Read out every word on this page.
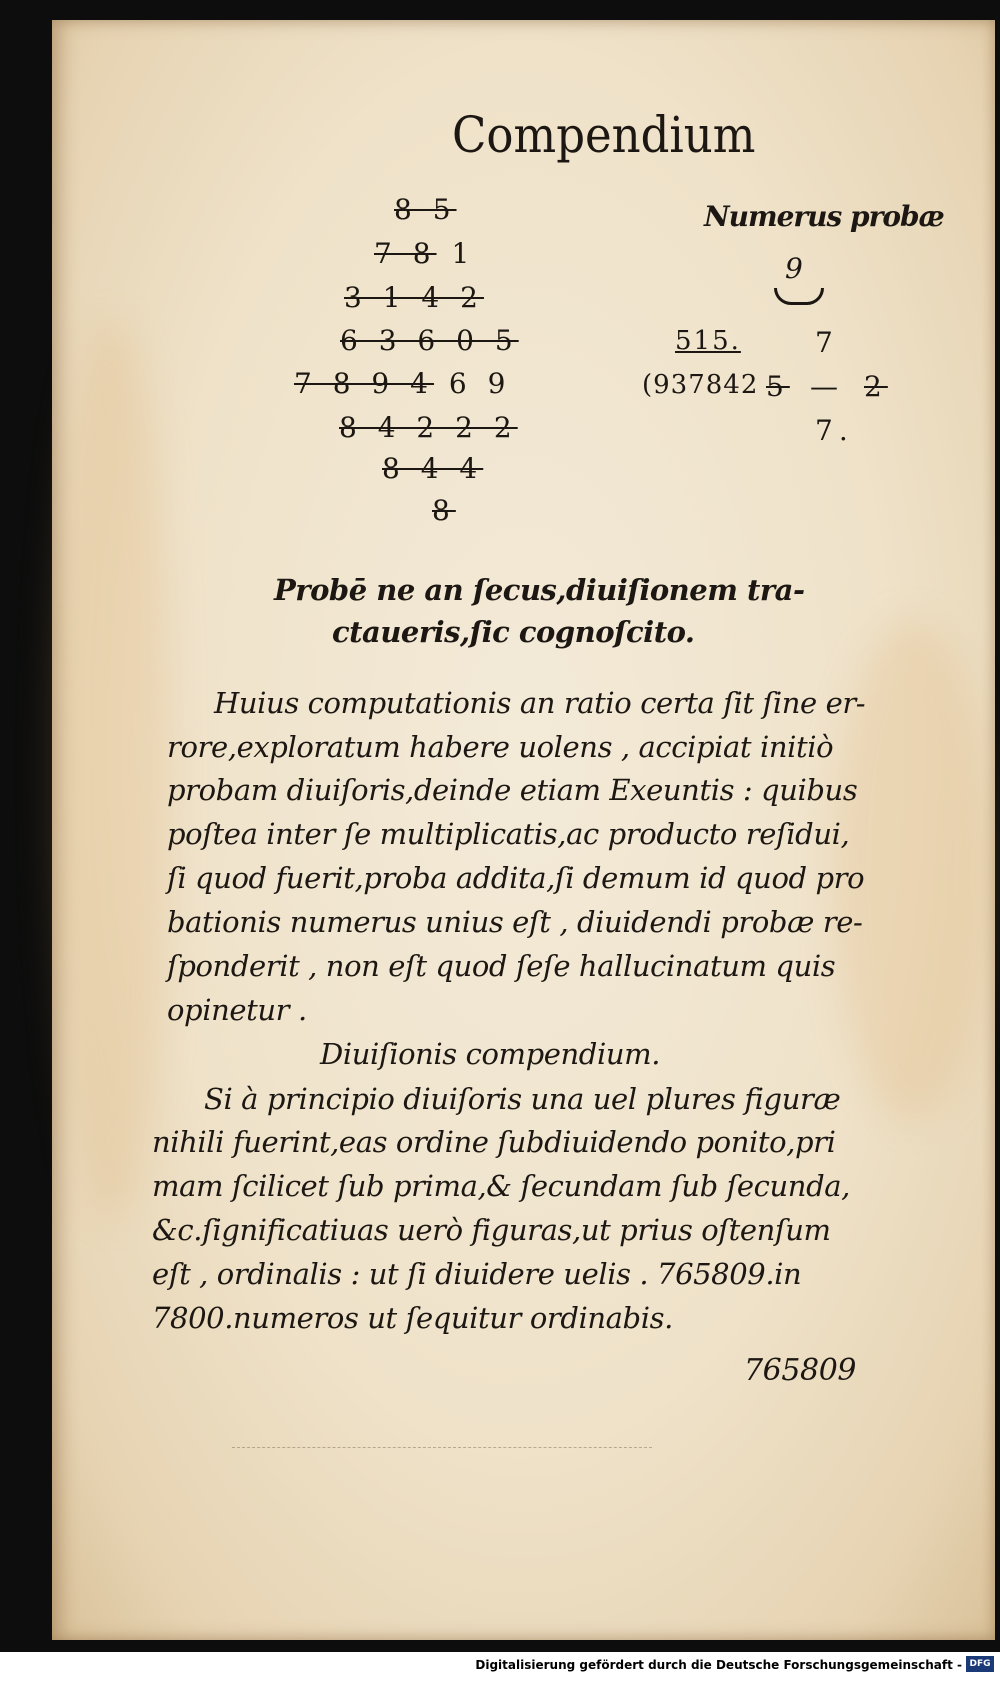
Compendium
Numerus probæ
9
8 5
7 8 1
3 1 4 2
6 3 6 0 5
7 8 9 4 6 9	(937842
8 4 2 2 2
8 4 4
8
515.	7
5 — 2
7.
Probē ne an ſecus,diuiſionem tra-
ctaueris,ſic cognoſcito.
Huius computationis an ratio certa ſit ſine er-
rore,exploratum habere uolens , accipiat initiò
probam diuiſoris,deinde etiam Exeuntis : quibus
poſtea inter ſe multiplicatis,ac producto reſidui,
ſi quod fuerit,proba addita,ſi demum id quod pro
bationis numerus unius eſt , diuidendi probæ re-
ſponderit , non eſt quod ſeſe hallucinatum quis
opinetur .
Diuiſionis compendium.
Si à principio diuiſoris una uel plures figuræ
nihili fuerint,eas ordine ſubdiuidendo ponito,pri
mam ſcilicet ſub prima,& ſecundam ſub ſecunda,
&c.ſignificatiuas uerò figuras,ut prius oſtenſum
eſt , ordinalis : ut ſi diuidere uelis . 765809.in
7800.numeros ut ſequitur ordinabis.
765809
Digitalisierung gefördert durch die Deutsche Forschungsgemeinschaft - DFG
